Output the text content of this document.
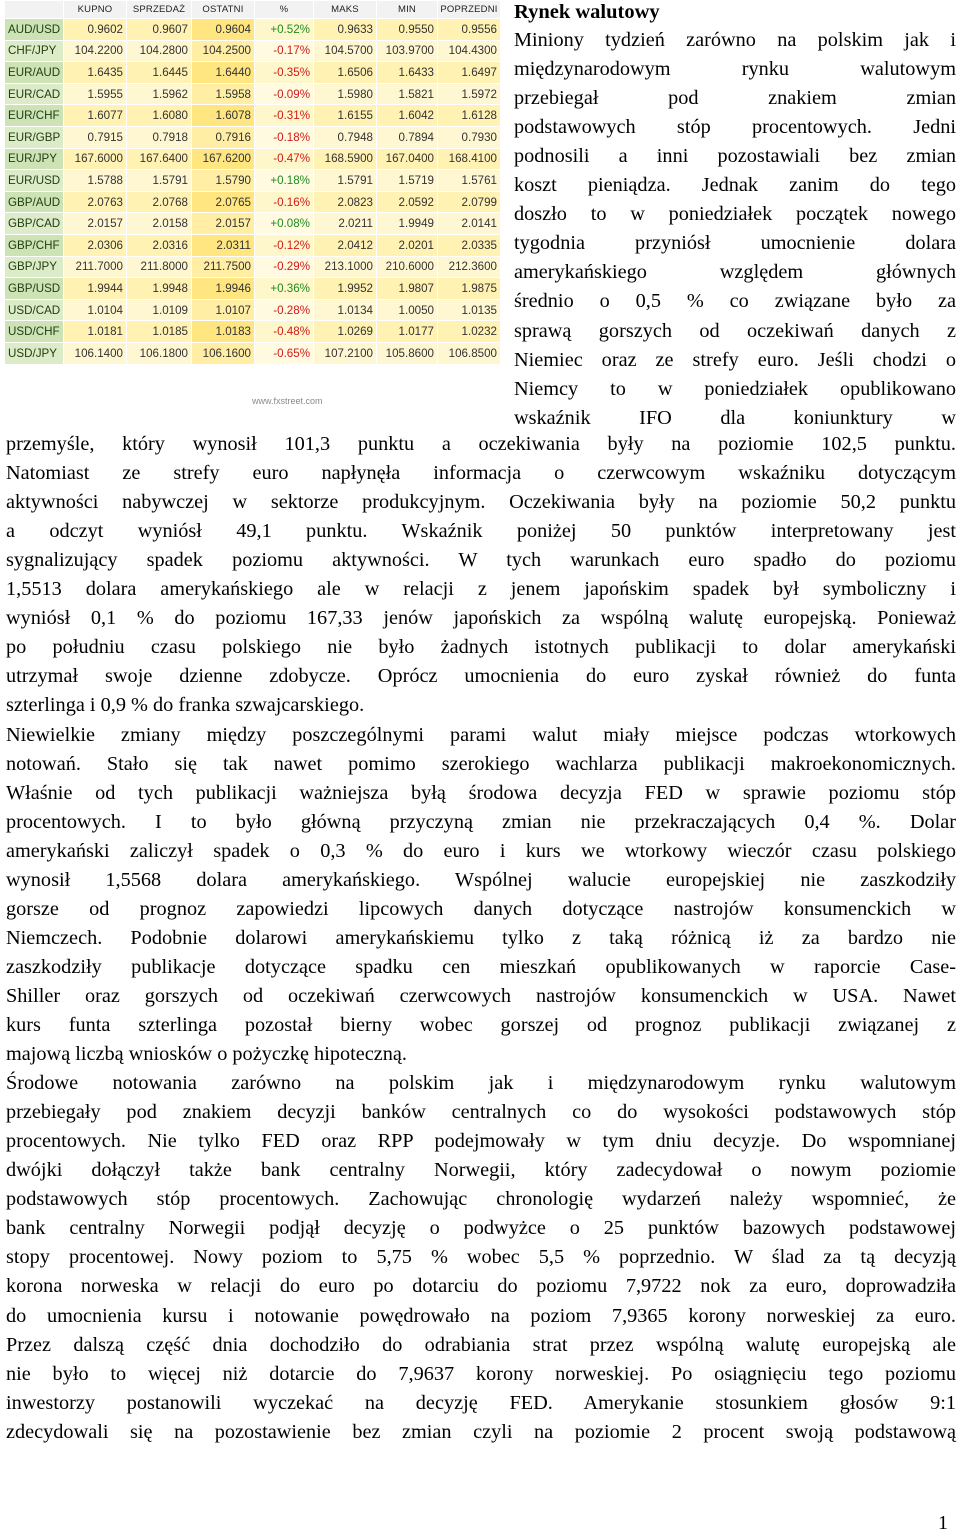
	KUPNO	SPRZEDAŻ	OSTATNI	%	MAKS	MIN	POPRZEDNI
AUD/USD	0.9602	0.9607	0.9604	+0.52%	0.9633	0.9550	0.9556
CHF/JPY	104.2200	104.2800	104.2500	-0.17%	104.5700	103.9700	104.4300
EUR/AUD	1.6435	1.6445	1.6440	-0.35%	1.6506	1.6433	1.6497
EUR/CAD	1.5955	1.5962	1.5958	-0.09%	1.5980	1.5821	1.5972
EUR/CHF	1.6077	1.6080	1.6078	-0.31%	1.6155	1.6042	1.6128
EUR/GBP	0.7915	0.7918	0.7916	-0.18%	0.7948	0.7894	0.7930
EUR/JPY	167.6000	167.6400	167.6200	-0.47%	168.5900	167.0400	168.4100
EUR/USD	1.5788	1.5791	1.5790	+0.18%	1.5791	1.5719	1.5761
GBP/AUD	2.0763	2.0768	2.0765	-0.16%	2.0823	2.0592	2.0799
GBP/CAD	2.0157	2.0158	2.0157	+0.08%	2.0211	1.9949	2.0141
GBP/CHF	2.0306	2.0316	2.0311	-0.12%	2.0412	2.0201	2.0335
GBP/JPY	211.7000	211.8000	211.7500	-0.29%	213.1000	210.6000	212.3600
GBP/USD	1.9944	1.9948	1.9946	+0.36%	1.9952	1.9807	1.9875
USD/CAD	1.0104	1.0109	1.0107	-0.28%	1.0134	1.0050	1.0135
USD/CHF	1.0181	1.0185	1.0183	-0.48%	1.0269	1.0177	1.0232
USD/JPY	106.1400	106.1800	106.1600	-0.65%	107.2100	105.8600	106.8500
www.fxstreet.com
Rynek walutowy
Miniony tydzień zarówno na polskim jak i
międzynarodowym rynku walutowym
przebiegał pod znakiem zmian
podstawowych stóp procentowych. Jedni
podnosili a inni pozostawiali bez zmian
koszt pieniądza. Jednak zanim do tego
doszło to w poniedziałek początek nowego
tygodnia przyniósł umocnienie dolara
amerykańskiego względem głównych
średnio o 0,5 % co związane było za
sprawą gorszych od oczekiwań danych z
Niemiec oraz ze strefy euro. Jeśli chodzi o
Niemcy to w poniedziałek opublikowano
wskaźnik IFO dla koniunktury w
przemyśle, który wynosił 101,3 punktu a oczekiwania były na poziomie 102,5 punktu.
Natomiast ze strefy euro napłynęła informacja o czerwcowym wskaźniku dotyczącym
aktywności nabywczej w sektorze produkcyjnym. Oczekiwania były na poziomie 50,2 punktu
a odczyt wyniósł 49,1 punktu. Wskaźnik poniżej 50 punktów interpretowany jest
sygnalizujący spadek poziomu aktywności. W tych warunkach euro spadło do poziomu
1,5513 dolara amerykańskiego ale w relacji z jenem japońskim spadek był symboliczny i
wyniósł 0,1 % do poziomu 167,33 jenów japońskich za wspólną walutę europejską. Ponieważ
po południu czasu polskiego nie było żadnych istotnych publikacji to dolar amerykański
utrzymał swoje dzienne zdobycze. Oprócz umocnienia do euro zyskał również do funta
szterlinga i 0,9 % do franka szwajcarskiego.
Niewielkie zmiany między poszczególnymi parami walut miały miejsce podczas wtorkowych
notowań. Stało się tak nawet pomimo szerokiego wachlarza publikacji makroekonomicznych.
Właśnie od tych publikacji ważniejsza byłą środowa decyzja FED w sprawie poziomu stóp
procentowych. I to było główną przyczyną zmian nie przekraczających 0,4 %. Dolar
amerykański zaliczył spadek o 0,3 % do euro i kurs we wtorkowy wieczór czasu polskiego
wynosił 1,5568 dolara amerykańskiego. Wspólnej walucie europejskiej nie zaszkodziły
gorsze od prognoz zapowiedzi lipcowych danych dotyczące nastrojów konsumenckich w
Niemczech. Podobnie dolarowi amerykańskiemu tylko z taką różnicą iż za bardzo nie
zaszkodziły publikacje dotyczące spadku cen mieszkań opublikowanych w raporcie Case-
Shiller oraz gorszych od oczekiwań czerwcowych nastrojów konsumenckich w USA. Nawet
kurs funta szterlinga pozostał bierny wobec gorszej od prognoz publikacji związanej z
majową liczbą wniosków o pożyczkę hipoteczną.
Środowe notowania zarówno na polskim jak i międzynarodowym rynku walutowym
przebiegały pod znakiem decyzji banków centralnych co do wysokości podstawowych stóp
procentowych. Nie tylko FED oraz RPP podejmowały w tym dniu decyzje. Do wspomnianej
dwójki dołączył także bank centralny Norwegii, który zadecydował o nowym poziomie
podstawowych stóp procentowych. Zachowując chronologię wydarzeń należy wspomnieć, że
bank centralny Norwegii podjął decyzję o podwyżce o 25 punktów bazowych podstawowej
stopy procentowej. Nowy poziom to 5,75 % wobec 5,5 % poprzednio. W ślad za tą decyzją
korona norweska w relacji do euro po dotarciu do poziomu 7,9722 nok za euro, doprowadziła
do umocnienia kursu i notowanie powędrowało na poziom 7,9365 korony norweskiej za euro.
Przez dalszą część dnia dochodziło do odrabiania strat przez wspólną walutę europejską ale
nie było to więcej niż dotarcie do 7,9637 korony norweskiej. Po osiągnięciu tego poziomu
inwestorzy postanowili wyczekać na decyzję FED. Amerykanie stosunkiem głosów 9:1
zdecydowali się na pozostawienie bez zmian czyli na poziomie 2 procent swoją podstawową
1
